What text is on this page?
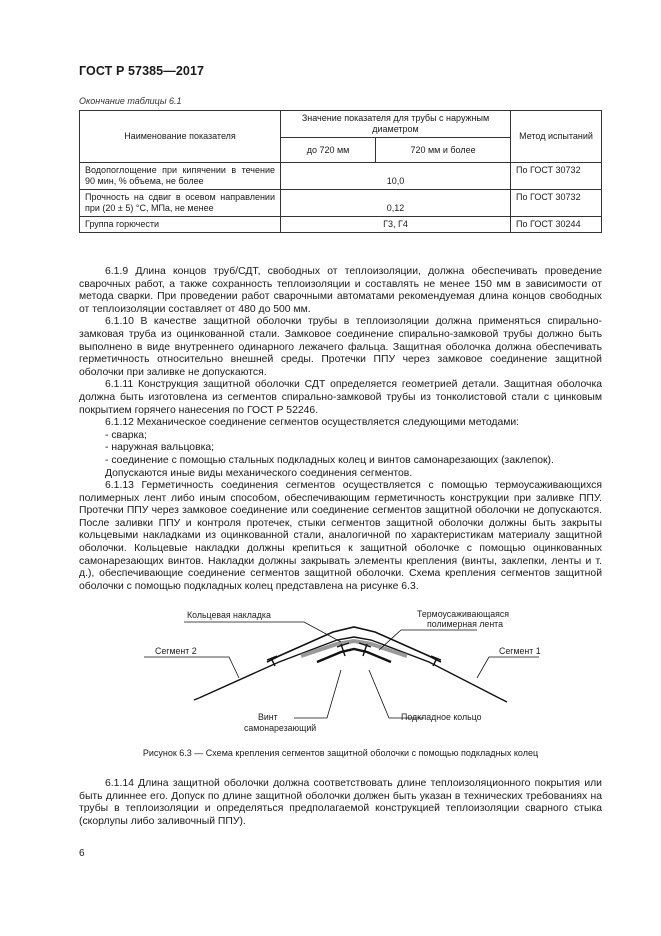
ГОСТ Р 57385—2017
Окончание таблицы 6.1
Наименование показателя	Значение показателя для трубы с наружным диаметром		Метод испытаний
	до 720 мм	720 мм и более	
Водопоглощение при кипячении в течение 90 мин, % объема, не более	10,0		По ГОСТ 30732
Прочность на сдвиг в осевом направлении при (20 ± 5) °С, МПа, не менее	0,12		По ГОСТ 30732
Группа горючести	Г3, Г4		По ГОСТ 30244

6.1.9 Длина концов труб/СДТ, свободных от теплоизоляции, должна обеспечивать проведение сварочных работ, а также сохранность теплоизоляции и составлять не менее 150 мм в зависимости от метода сварки. При проведении работ сварочными автоматами рекомендуемая длина концов свободных от теплоизоляции составляет от 480 до 500 мм.

6.1.10 В качестве защитной оболочки трубы в теплоизоляции должна применяться спирально-замковая труба из оцинкованной стали. Замковое соединение спирально-замковой трубы должно быть выполнено в виде внутреннего одинарного лежачего фальца. Защитная оболочка должна обеспечивать герметичность относительно внешней среды. Протечки ППУ через замковое соединение защитной оболочки при заливке не допускаются.

6.1.11 Конструкция защитной оболочки СДТ определяется геометрией детали. Защитная оболочка должна быть изготовлена из сегментов спирально-замковой трубы из тонколистовой стали с цинковым покрытием горячего нанесения по ГОСТ Р 52246.

6.1.12 Механическое соединение сегментов осуществляется следующими методами:

- сварка;

- наружная вальцовка;

- соединение с помощью стальных подкладных колец и винтов самонарезающих (заклепок).

Допускаются иные виды механического соединения сегментов.

6.1.13 Герметичность соединения сегментов осуществляется с помощью термоусаживающихся полимерных лент либо иным способом, обеспечивающим герметичность конструкции при заливке ППУ. Протечки ППУ через замковое соединение или соединение сегментов защитной оболочки не допускаются. После заливки ППУ и контроля протечек, стыки сегментов защитной оболочки должны быть закрыты кольцевыми накладками из оцинкованной стали, аналогичной по характеристикам материалу защитной оболочки. Кольцевые накладки должны крепиться к защитной оболочке с помощью оцинкованных самонарезающих винтов. Накладки должны закрывать элементы крепления (винты, заклепки, ленты и т. д.), обеспечивающие соединение сегментов защитной оболочки. Схема крепления сегментов защитной оболочки с помощью подкладных колец представлена на рисунке 6.3.

Кольцевая накладка	Термоусаживающаяся
полимерная лента
Сегмент 2	Сегмент 1
Винт
самонарезающий
Подкладное кольцо
Рисунок 6.3 — Схема крепления сегментов защитной оболочки с помощью подкладных колец

6.1.14 Длина защитной оболочки должна соответствовать длине теплоизоляционного покрытия или быть длиннее его. Допуск по длине защитной оболочки должен быть указан в технических требованиях на трубы в теплоизоляции и определяться предполагаемой конструкцией теплоизоляции сварного стыка (скорлупы либо заливочный ППУ).

6
